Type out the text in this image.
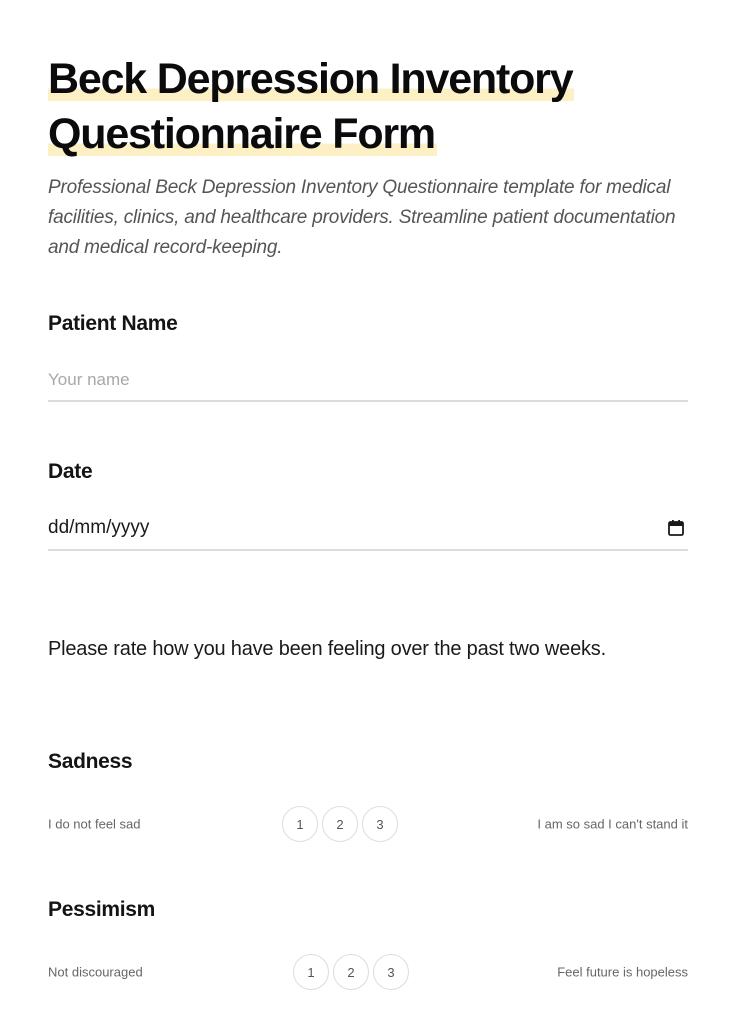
Beck Depression Inventory Questionnaire Form

Professional Beck Depression Inventory Questionnaire template for medical facilities, clinics, and healthcare providers. Streamline patient documentation and medical record-keeping.

Patient Name
Your name
Date
dd/mm/yyyy

Please rate how you have been feeling over the past two weeks.

Sadness
I do not feel sad	1	2	3	I am so sad I can't stand it
Pessimism
Not discouraged	1	2	3	Feel future is hopeless
